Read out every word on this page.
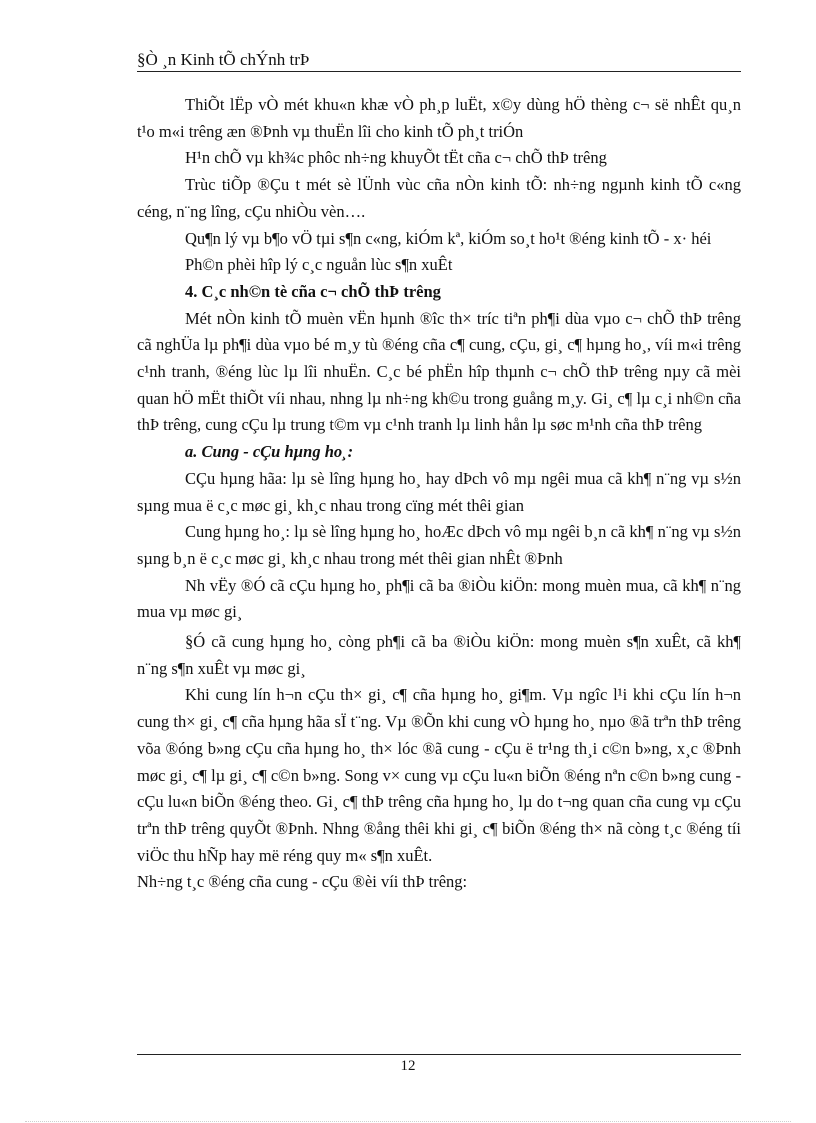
§Ò ¸n Kinh tÕ chÝnh trÞ

ThiÕt lËp vÒ mét khu«n khæ vÒ ph¸p luËt, x©y dùng hÖ thèng c¬ së nhÊt qu¸n t¹o m«i trêng æn ®Þnh vµ thuËn lîi cho kinh tÕ ph¸t triÓn

H¹n chÕ vµ kh¾c phôc nh÷ng khuyÕt tËt cña c¬ chÕ thÞ trêng

Trùc tiÕp ®Çu t mét sè lÜnh vùc cña nÒn kinh tÕ: nh÷ng ngµnh kinh tÕ c«ng céng, n¨ng lîng, cÇu nhiÒu vèn….

Qu¶n lý vµ b¶o vÖ tµi s¶n c«ng, kiÓm kª, kiÓm so¸t ho¹t ®éng kinh tÕ - x· héi

Ph©n phèi hîp lý c¸c nguån lùc s¶n xuÊt

4. C¸c nh©n tè cña c¬ chÕ thÞ trêng

Mét nÒn kinh tÕ muèn vËn hµnh ®îc th× tríc tiªn ph¶i dùa vµo c¬ chÕ thÞ trêng cã nghÜa lµ ph¶i dùa vµo bé m¸y tù ®éng cña c¶ cung, cÇu, gi¸ c¶ hµng ho¸, víi m«i trêng c¹nh tranh, ®éng lùc lµ lîi nhuËn. C¸c bé phËn hîp thµnh c¬ chÕ thÞ trêng nµy cã mèi quan hÖ mËt thiÕt víi nhau, nhng lµ nh÷ng kh©u trong guång m¸y. Gi¸ c¶ lµ c¸i nh©n cña thÞ trêng, cung cÇu lµ trung t©m vµ c¹nh tranh lµ linh hån lµ søc m¹nh cña thÞ trêng

a. Cung - cÇu hµng ho¸:

CÇu hµng hãa: lµ sè lîng hµng ho¸ hay dÞch vô mµ ngêi mua cã kh¶ n¨ng vµ s½n sµng mua ë c¸c møc gi¸ kh¸c nhau trong cïng mét thêi gian

Cung hµng ho¸: lµ sè lîng hµng ho¸ hoÆc dÞch vô mµ ngêi b¸n cã kh¶ n¨ng vµ s½n sµng b¸n ë c¸c møc gi¸ kh¸c nhau trong mét thêi gian nhÊt ®Þnh

Nh vËy ®Ó cã cÇu hµng ho¸ ph¶i cã ba ®iÒu kiÖn: mong muèn mua, cã kh¶ n¨ng mua vµ møc gi¸

§Ó cã cung hµng ho¸ còng ph¶i cã ba ®iÒu kiÖn: mong muèn s¶n xuÊt, cã kh¶ n¨ng s¶n xuÊt vµ møc gi¸

Khi cung lín h¬n cÇu th× gi¸ c¶ cña hµng ho¸ gi¶m. Vµ ngîc l¹i khi cÇu lín h¬n cung th× gi¸ c¶ cña hµng hãa sÏ t¨ng. Vµ ®Õn khi cung vÒ hµng ho¸ nµo ®ã trªn thÞ trêng võa ®óng b»ng cÇu cña hµng ho¸ th× lóc ®ã cung - cÇu ë tr¹ng th¸i c©n b»ng, x¸c ®Þnh møc gi¸ c¶ lµ gi¸ c¶ c©n b»ng. Song v× cung vµ cÇu lu«n biÕn ®éng nªn c©n b»ng cung - cÇu lu«n biÕn ®éng theo. Gi¸ c¶ thÞ trêng cña hµng ho¸ lµ do t¬ng quan cña cung vµ cÇu trªn thÞ trêng quyÕt ®Þnh. Nhng ®ång thêi khi gi¸ c¶ biÕn ®éng th× nã còng t¸c ®éng tíi viÖc thu hÑp hay më réng quy m« s¶n xuÊt.

Nh÷ng t¸c ®éng cña cung - cÇu ®èi víi thÞ trêng:

12
